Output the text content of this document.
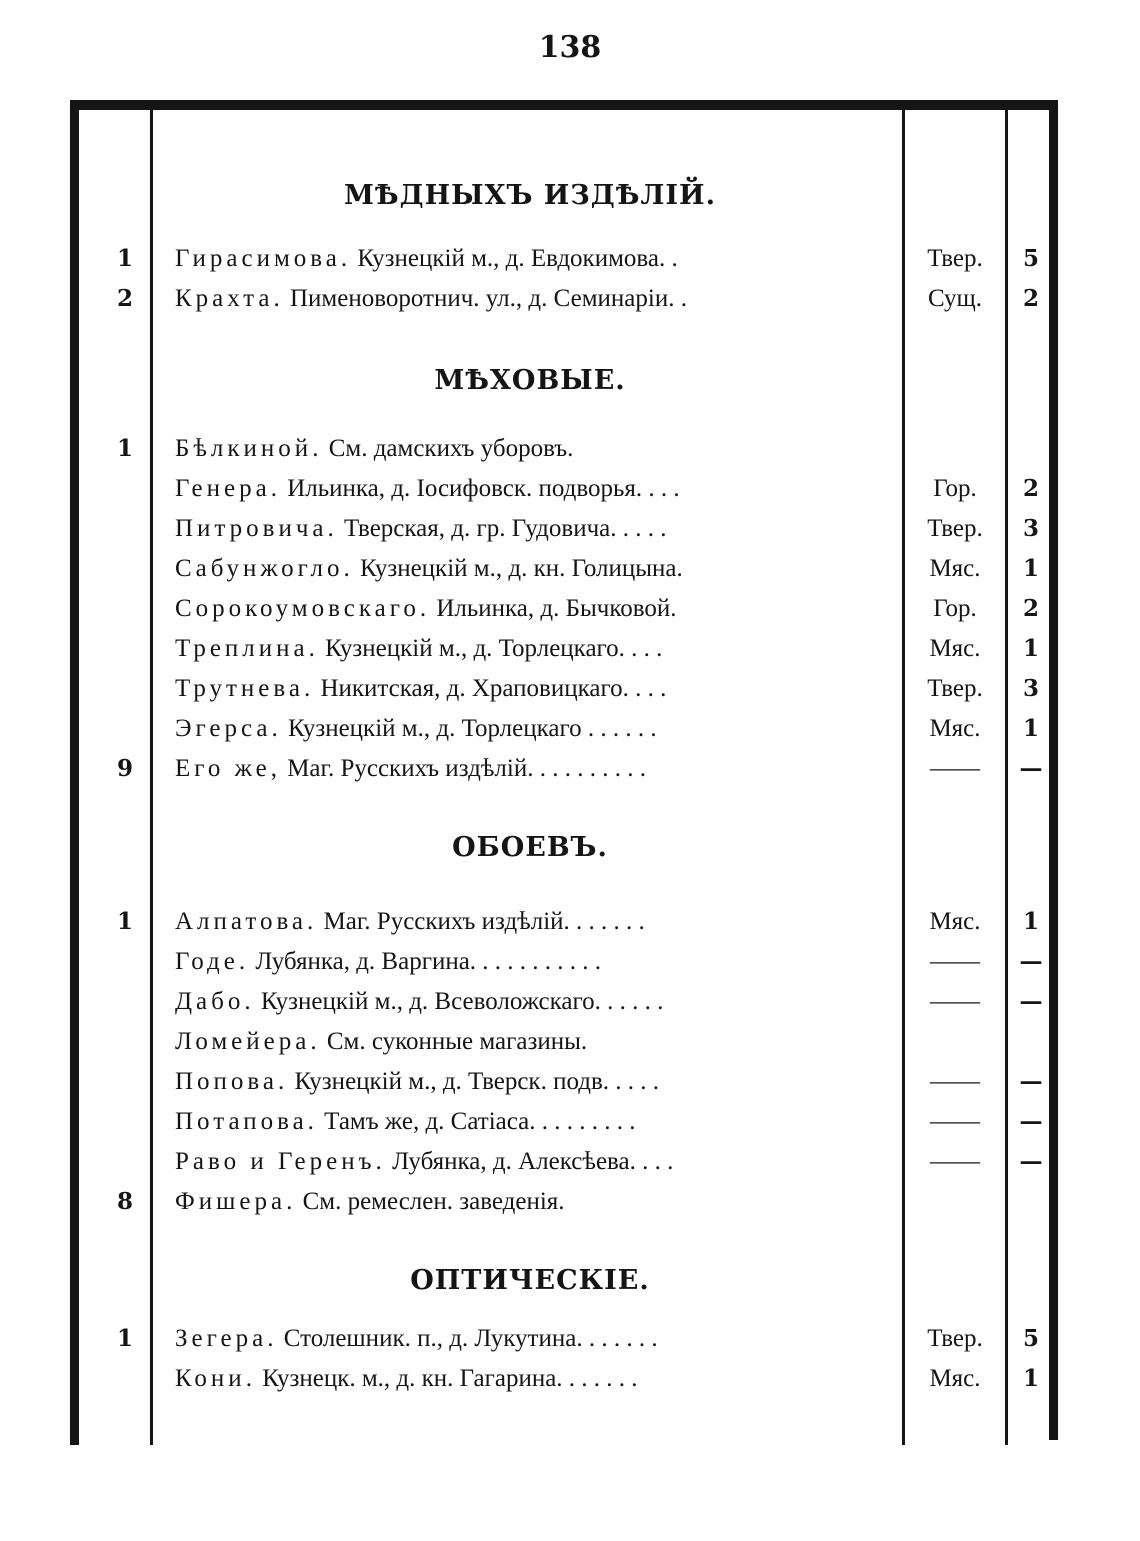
138
МѢДНЫХЪ ИЗДѢЛІЙ.
1	Гирасимова. Кузнецкій м., д. Евдокимова. .	Твер.	5
2	Крахта. Пименоворотнич. ул., д. Семинаріи. .	Сущ.	2
МѢХОВЫЕ.
1	Бѣлкиной. См. дамскихъ уборовъ.
Генера. Ильинка, д. Іосифовск. подворья. . . .	Гор.	2
Питровича. Тверская, д. гр. Гудовича. . . . .	Твер.	3
Сабунжогло. Кузнецкій м., д. кн. Голицына.	Мяс.	1
Сорокоумовскаго. Ильинка, д. Бычковой.	Гор.	2
Треплина. Кузнецкій м., д. Торлецкаго. . . .	Мяс.	1
Трутнева. Никитская, д. Храповицкаго. . . .	Твер.	3
Эгерса. Кузнецкій м., д. Торлецкаго . . . . . .	Мяс.	1
9	Его же, Маг. Русскихъ издѣлій. . . . . . . . . .	——	—
ОБОЕВЪ.
1	Алпатова. Маг. Русскихъ издѣлій. . . . . . .	Мяс.	1
Годе. Лубянка, д. Варгина. . . . . . . . . . .	——	—
Дабо. Кузнецкій м., д. Всеволожскаго. . . . . .	——	—
Ломейера. См. суконные магазины.
Попова. Кузнецкій м., д. Тверск. подв. . . . .	——	—
Потапова. Тамъ же, д. Сатіаса. . . . . . . . .	——	—
Раво и Геренъ. Лубянка, д. Алексѣева. . . .	——	—
8	Фишера. См. ремеслен. заведенія.
ОПТИЧЕСКІЕ.
1	Зегера. Столешник. п., д. Лукутина. . . . . . .	Твер.	5
Кони. Кузнецк. м., д. кн. Гагарина. . . . . . .	Мяс.	1
